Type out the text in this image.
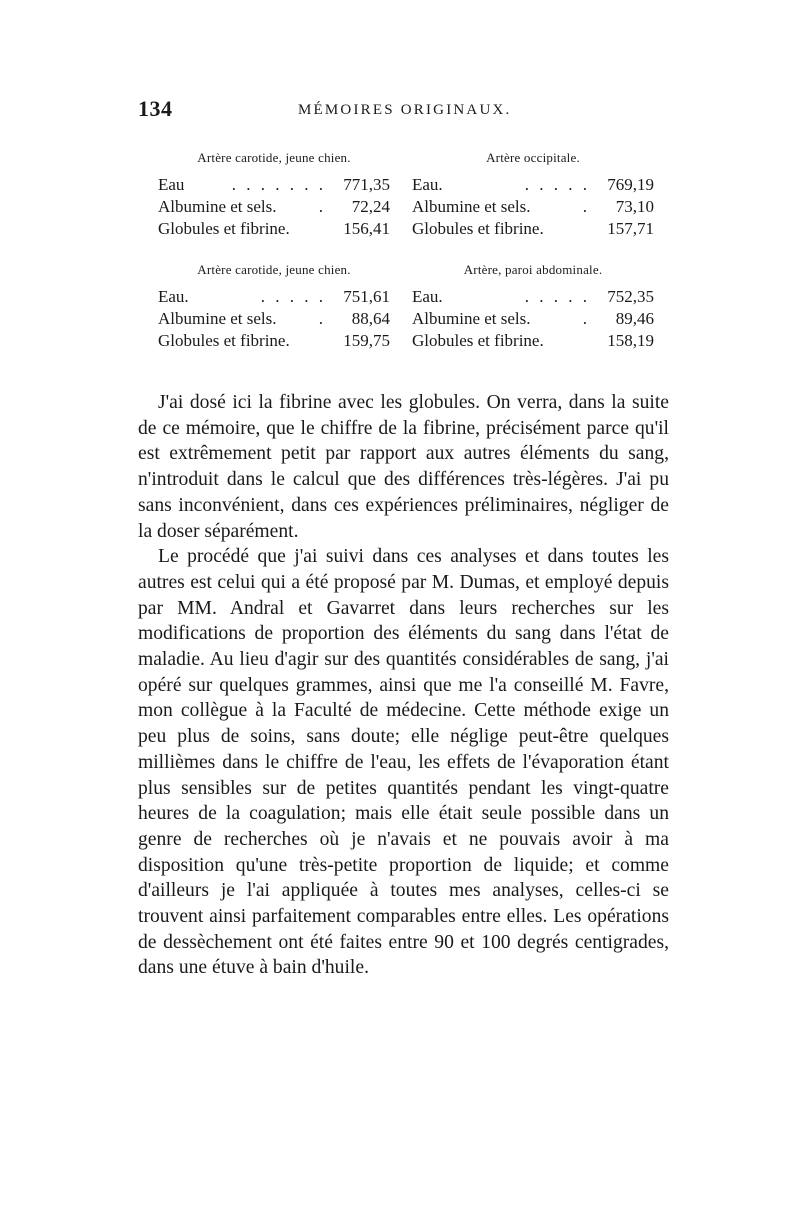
134	MÉMOIRES ORIGINAUX.
Artère carotide, jeune chien.
Eau	. . . . . . .	771,35
Albumine et sels.	.	72,24
Globules et fibrine.	156,41
Artère occipitale.
Eau.	. . . . .	769,19
Albumine et sels.	.	73,10
Globules et fibrine.	157,71
Artère carotide, jeune chien.
Eau.	. . . . .	751,61
Albumine et sels.	.	88,64
Globules et fibrine.	159,75
Artère, paroi abdominale.
Eau.	. . . . .	752,35
Albumine et sels.	.	89,46
Globules et fibrine.	158,19

J'ai dosé ici la fibrine avec les globules. On verra, dans la suite de ce mémoire, que le chiffre de la fibrine, précisément parce qu'il est extrêmement petit par rapport aux autres éléments du sang, n'introduit dans le calcul que des différences très-légères. J'ai pu sans inconvénient, dans ces expériences préliminaires, négliger de la doser séparément.

Le procédé que j'ai suivi dans ces analyses et dans toutes les autres est celui qui a été proposé par M. Dumas, et employé depuis par MM. Andral et Gavarret dans leurs recherches sur les modifications de proportion des éléments du sang dans l'état de maladie. Au lieu d'agir sur des quantités considérables de sang, j'ai opéré sur quelques grammes, ainsi que me l'a conseillé M. Favre, mon collègue à la Faculté de médecine. Cette méthode exige un peu plus de soins, sans doute; elle néglige peut-être quelques millièmes dans le chiffre de l'eau, les effets de l'évaporation étant plus sensibles sur de petites quantités pendant les vingt-quatre heures de la coagulation; mais elle était seule possible dans un genre de recherches où je n'avais et ne pouvais avoir à ma disposition qu'une très-petite proportion de liquide; et comme d'ailleurs je l'ai appliquée à toutes mes analyses, celles-ci se trouvent ainsi parfaitement comparables entre elles. Les opérations de dessèchement ont été faites entre 90 et 100 degrés centigrades, dans une étuve à bain d'huile.
